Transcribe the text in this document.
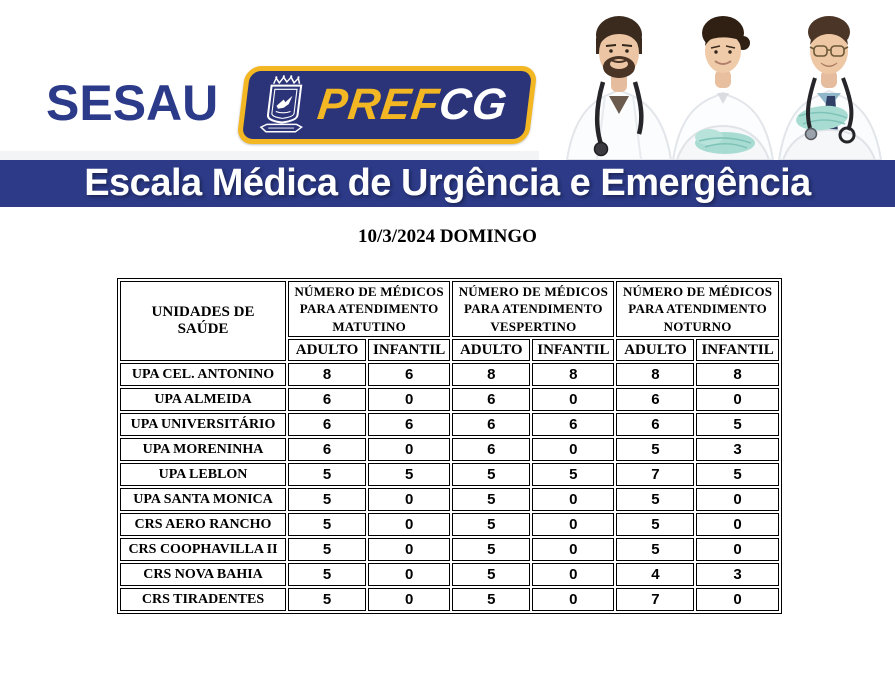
SESAU PREFCG
Escala Médica de Urgência e Emergência
10/3/2024 DOMINGO
UNIDADES DE SAÚDE	NÚMERO DE MÉDICOS PARA ATENDIMENTO MATUTINO		NÚMERO DE MÉDICOS PARA ATENDIMENTO VESPERTINO		NÚMERO DE MÉDICOS PARA ATENDIMENTO NOTURNO	
	ADULTO	INFANTIL	ADULTO	INFANTIL	ADULTO	INFANTIL
UPA CEL. ANTONINO	8	6	8	8	8	8
UPA ALMEIDA	6	0	6	0	6	0
UPA UNIVERSITÁRIO	6	6	6	6	6	5
UPA MORENINHA	6	0	6	0	5	3
UPA LEBLON	5	5	5	5	7	5
UPA SANTA MONICA	5	0	5	0	5	0
CRS AERO RANCHO	5	0	5	0	5	0
CRS COOPHAVILLA II	5	0	5	0	5	0
CRS NOVA BAHIA	5	0	5	0	4	3
CRS TIRADENTES	5	0	5	0	7	0
